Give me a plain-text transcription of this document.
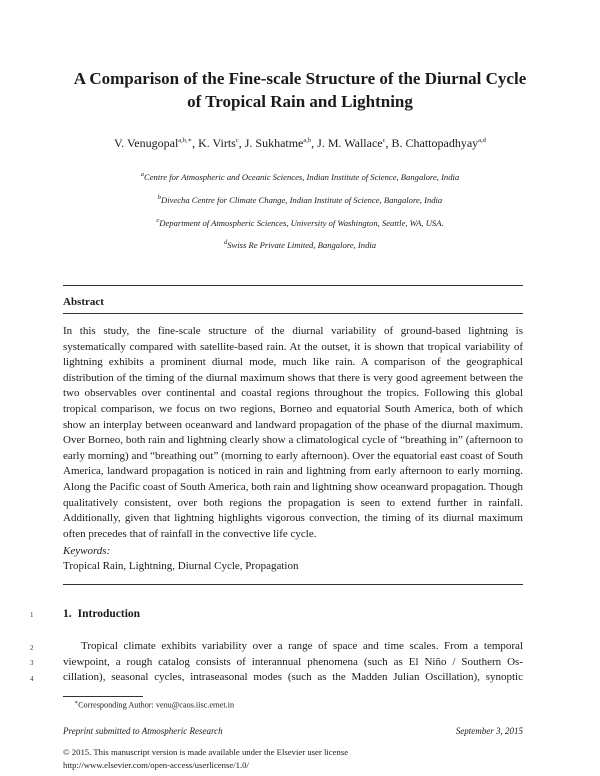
A Comparison of the Fine-scale Structure of the Diurnal Cycle
of Tropical Rain and Lightning
V. Venugopal$^{a,b,∗}$, K. Virts$^c$, J. Sukhatme$^{a,b}$, J. M. Wallace$^c$, B. Chattopadhyay$^{a,d}$
$^a$Centre for Atmospheric and Oceanic Sciences, Indian Institute of Science, Bangalore, India
$^b$Divecha Centre for Climate Change, Indian Institute of Science, Bangalore, India
$^c$Department of Atmospheric Sciences, University of Washington, Seattle, WA, USA.
$^d$Swiss Re Private Limited, Bangalore, India
Abstract

In this study, the fine-scale structure of the diurnal variability of ground-based lightning is systematically compared with satellite-based rain. At the outset, it is shown that tropical variability of lightning exhibits a prominent diurnal mode, much like rain. A comparison of the geographical distribution of the timing of the diurnal maximum shows that there is very good agreement between the two observables over continental and coastal regions throughout the tropics. Following this global tropical comparison, we focus on two regions, Borneo and equatorial South America, both of which show an interplay between oceanward and landward propagation of the phase of the diurnal maximum. Over Borneo, both rain and lightning clearly show a climatological cycle of “breathing in” (afternoon to early morning) and “breathing out” (morning to early afternoon). Over the equatorial east coast of South America, landward propagation is noticed in rain and lightning from early afternoon to early morning. Along the Pacific coast of South America, both rain and lightning show oceanward propagation. Though qualitatively consistent, over both regions the propagation is seen to extend further in rainfall. Additionally, given that lightning highlights vigorous convection, the timing of its diurnal maximum often precedes that of rainfall in the convective life cycle.

Keywords:
Tropical Rain, Lightning, Diurnal Cycle, Propagation
1
2
3
4
1. Introduction
Tropical climate exhibits variability over a range of space and time scales. From a temporal
viewpoint, a rough catalog consists of interannual phenomena (such as El Niño / Southern Os-
cillation), seasonal cycles, intraseasonal modes (such as the Madden Julian Oscillation), synoptic
∗Corresponding Author: venu@caos.iisc.ernet.in
Preprint submitted to Atmospheric Research	September 3, 2015
© 2015. This manuscript version is made available under the Elsevier user license
http://www.elsevier.com/open-access/userlicense/1.0/
